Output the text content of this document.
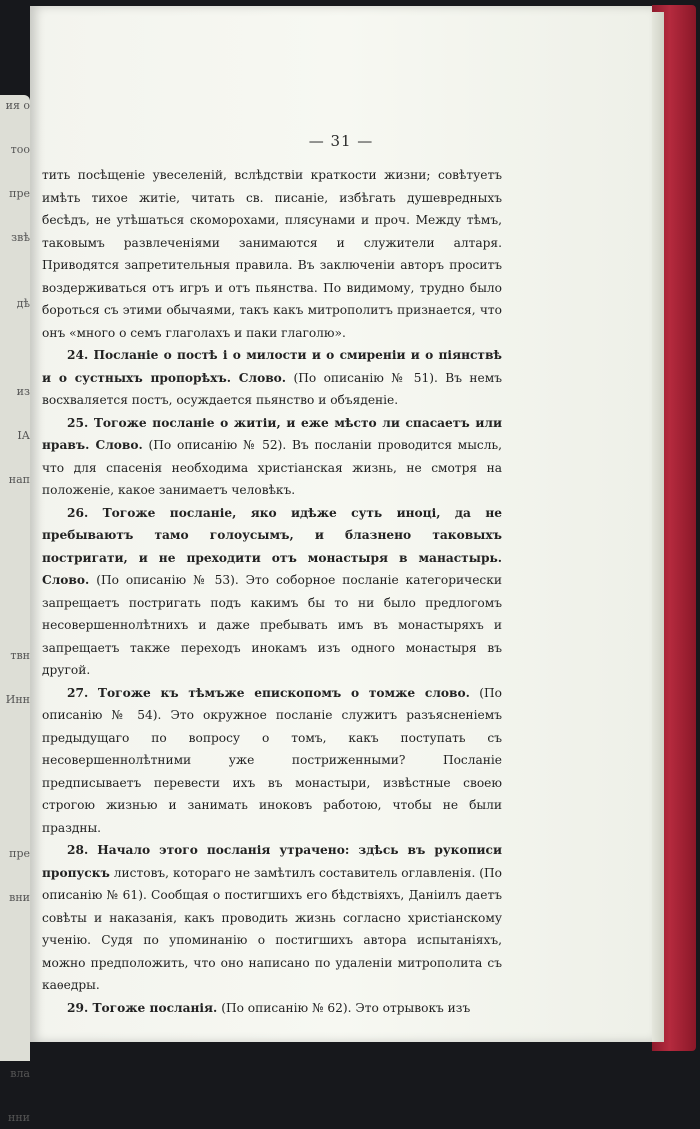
ия о

тоо

пре

звѣ

дѣ

из

ІА

нап

твн

Инн

пре

вни

вла

нни
— 31 —

тить посѣщеніе увеселеній, вслѣдствіи краткости жизни; совѣтуетъ имѣть тихое житіе, читать св. писаніе, избѣгать душевредныхъ бесѣдъ, не утѣшаться скоморохами, плясунами и проч. Между тѣмъ, таковымъ развлеченіями занимаются и служители алтаря. Приводятся запретительныя правила. Въ заключеніи авторъ проситъ воздерживаться отъ игръ и отъ пьянства. По видимому, трудно было бороться съ этими обычаями, такъ какъ митрополитъ признается, что онъ «много о семъ глаголахъ и паки глаголю».

24. Посланіе о постѣ і о милости и о смиреніи и о піянствѣ и о сустныхъ пропорѣхъ. Слово. (По описанію № 51). Въ немъ восхваляется постъ, осуждается пьянство и объяденіе.

25. Тогожe посланіе о житіи, и еже мѣсто ли спасаетъ или нравъ. Слово. (По описанію № 52). Въ посланіи проводится мысль, что для спасенія необходима христіанская жизнь, не смотря на положеніе, какое занимаетъ человѣкъ.

26. Тогожe посланіе, яко идѣже суть иноці, да не пребываютъ тамо голоусымъ, и блазнено таковыхъ постригати, и не преходити отъ монастыря в манастырь. Слово. (По описанію № 53). Это соборное посланіе категорически запрещаетъ постригать подъ какимъ бы то ни было предлогомъ несовершеннолѣтнихъ и даже пребывать имъ въ монастыряхъ и запрещаетъ также переходъ инокамъ изъ одного монастыря въ другой.

27. Тогожe къ тѣмъже епископомъ о томже слово. (По описанію № 54). Это окружное посланіе служитъ разъясненіемъ предыдущаго по вопросу о томъ, какъ поступать съ несовершеннолѣтними уже постриженными? Посланіе предписываетъ перевести ихъ въ монастыри, извѣстные своею строгою жизнью и занимать иноковъ работою, чтобы не были праздны.

28. Начало этого посланія утрачено: здѣсь въ рукописи пропускъ листовъ, котораго не замѣтилъ составитель оглавленія. (По описанію № 61). Сообщая о постигшихъ его бѣдствіяхъ, Даніилъ даетъ совѣты и наказанія, какъ проводить жизнь согласно христіанскому ученію. Судя по упоминанію о постигшихъ автора испытаніяхъ, можно предположить, что оно написано по удаленіи митрополита съ каѳедры.

29. Тогожe посланія. (По описанію № 62). Это отрывокъ изъ
